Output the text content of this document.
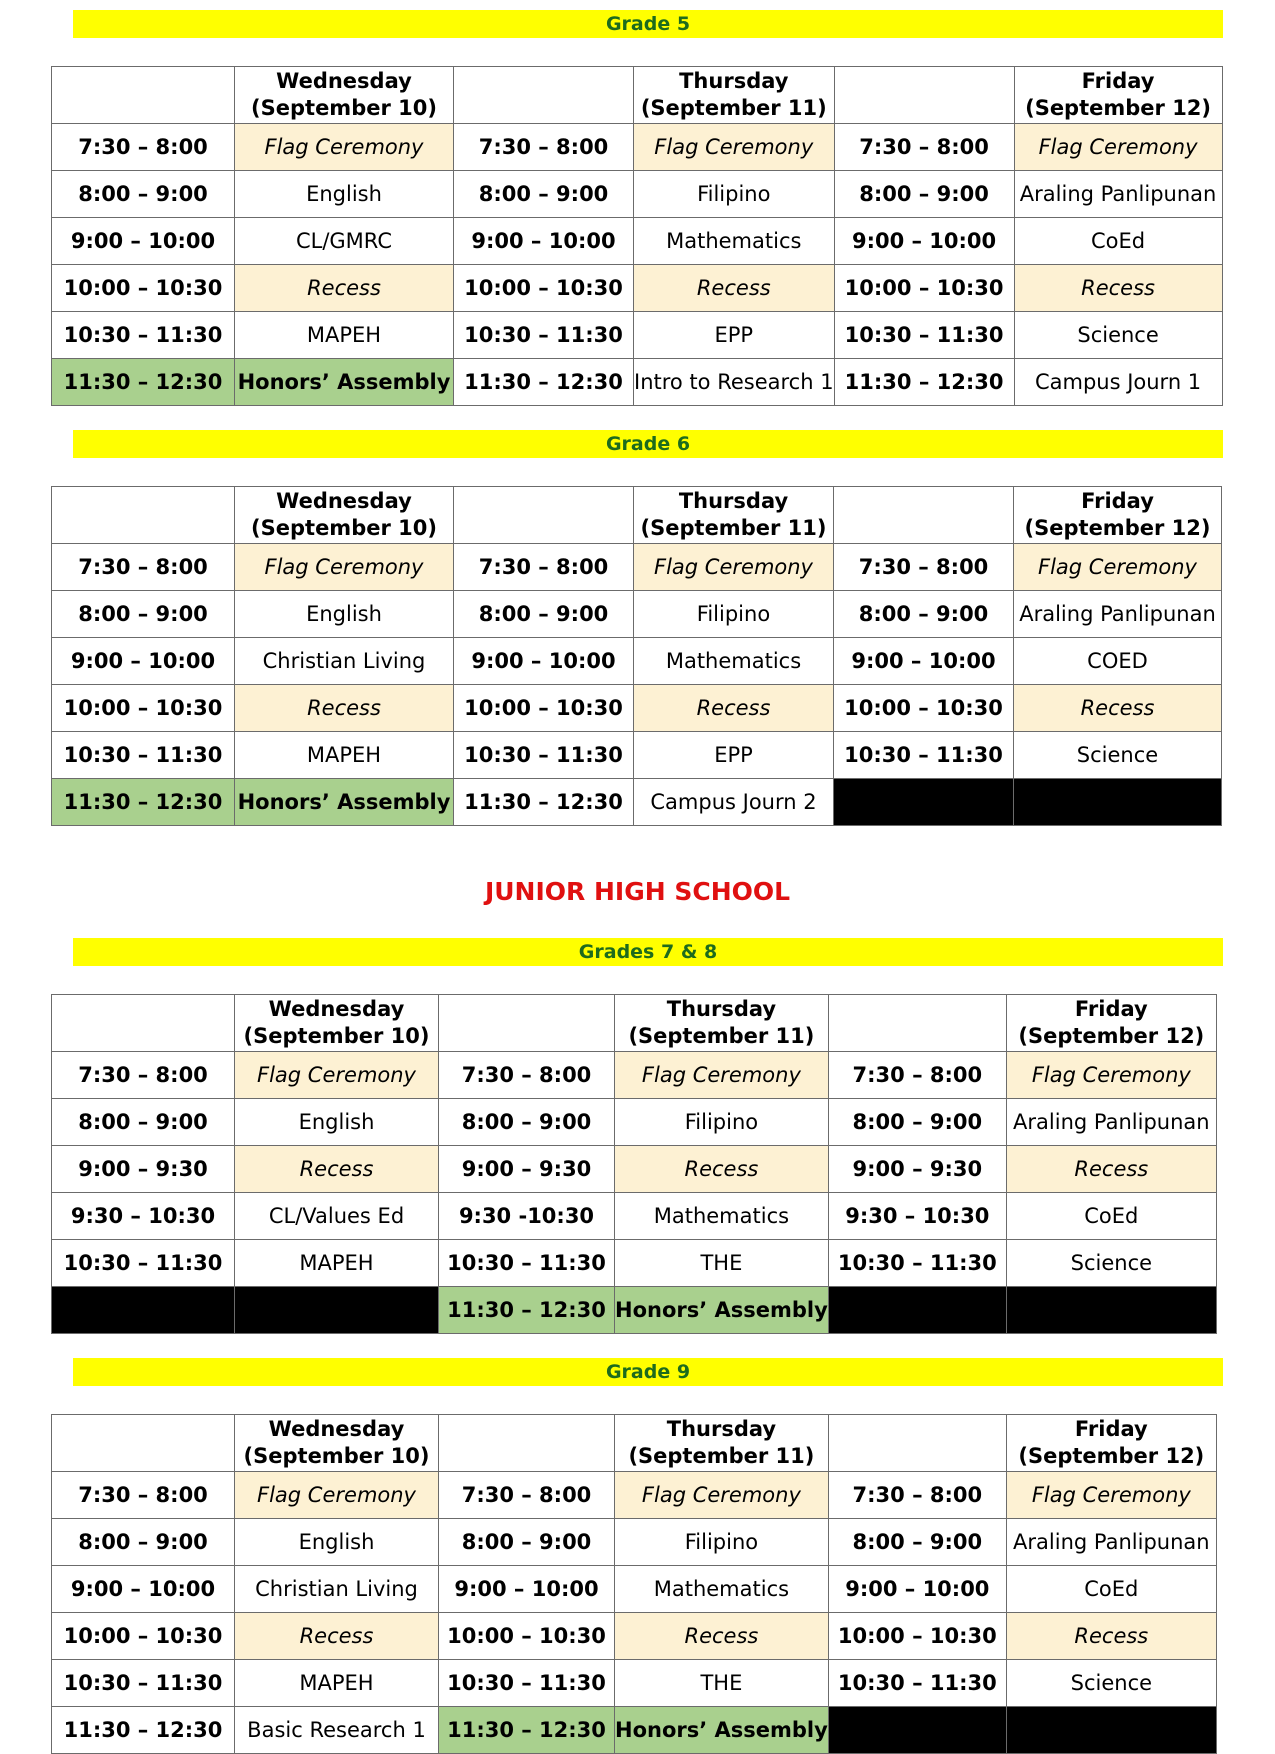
Grade 5
	Wednesday
(September 10)		Thursday
(September 11)		Friday
(September 12)
7:30 – 8:00	Flag Ceremony	7:30 – 8:00	Flag Ceremony	7:30 – 8:00	Flag Ceremony
8:00 – 9:00	English	8:00 – 9:00	Filipino	8:00 – 9:00	Araling Panlipunan
9:00 – 10:00	CL/GMRC	9:00 – 10:00	Mathematics	9:00 – 10:00	CoEd
10:00 – 10:30	Recess	10:00 – 10:30	Recess	10:00 – 10:30	Recess
10:30 – 11:30	MAPEH	10:30 – 11:30	EPP	10:30 – 11:30	Science
11:30 – 12:30	Honors’ Assembly	11:30 – 12:30	Intro to Research 1	11:30 – 12:30	Campus Journ 1
Grade 6
	Wednesday
(September 10)		Thursday
(September 11)		Friday
(September 12)
7:30 – 8:00	Flag Ceremony	7:30 – 8:00	Flag Ceremony	7:30 – 8:00	Flag Ceremony
8:00 – 9:00	English	8:00 – 9:00	Filipino	8:00 – 9:00	Araling Panlipunan
9:00 – 10:00	Christian Living	9:00 – 10:00	Mathematics	9:00 – 10:00	COED
10:00 – 10:30	Recess	10:00 – 10:30	Recess	10:00 – 10:30	Recess
10:30 – 11:30	MAPEH	10:30 – 11:30	EPP	10:30 – 11:30	Science
11:30 – 12:30	Honors’ Assembly	11:30 – 12:30	Campus Journ 2		
JUNIOR HIGH SCHOOL
Grades 7 & 8
	Wednesday
(September 10)		Thursday
(September 11)		Friday
(September 12)
7:30 – 8:00	Flag Ceremony	7:30 – 8:00	Flag Ceremony	7:30 – 8:00	Flag Ceremony
8:00 – 9:00	English	8:00 – 9:00	Filipino	8:00 – 9:00	Araling Panlipunan
9:00 – 9:30	Recess	9:00 – 9:30	Recess	9:00 – 9:30	Recess
9:30 – 10:30	CL/Values Ed	9:30 -10:30	Mathematics	9:30 – 10:30	CoEd
10:30 – 11:30	MAPEH	10:30 – 11:30	THE	10:30 – 11:30	Science
		11:30 – 12:30	Honors’ Assembly		
Grade 9
	Wednesday
(September 10)		Thursday
(September 11)		Friday
(September 12)
7:30 – 8:00	Flag Ceremony	7:30 – 8:00	Flag Ceremony	7:30 – 8:00	Flag Ceremony
8:00 – 9:00	English	8:00 – 9:00	Filipino	8:00 – 9:00	Araling Panlipunan
9:00 – 10:00	Christian Living	9:00 – 10:00	Mathematics	9:00 – 10:00	CoEd
10:00 – 10:30	Recess	10:00 – 10:30	Recess	10:00 – 10:30	Recess
10:30 – 11:30	MAPEH	10:30 – 11:30	THE	10:30 – 11:30	Science
11:30 – 12:30	Basic Research 1	11:30 – 12:30	Honors’ Assembly		
